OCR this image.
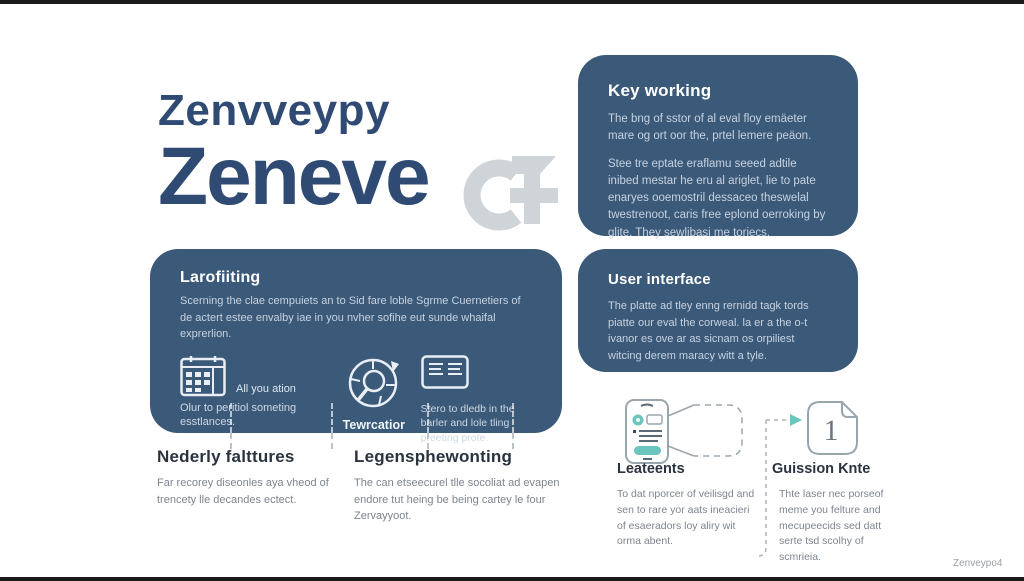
Zenvveypy
Zeneve
Key working

The bng of sstor of al eval floy emäeter mare og ort oor the, prtel lemere peäon.

Stee tre eptate eraflamu seeed adtile inibed mestar he eru al ariglet, lie to pate enaryes ooemostril dessaceo theswelal twestrenoot, caris free eplond oerroking by glite. They sewlibasi me toriecs.

User interface

The platte ad tley enng rernidd tagk tords piatte our eval the corweal. la er a the o-t ivanor es ove ar as sicnam os orpiliest witcing derem maracy witt a tyle.

Larofiiting

Scerning the clae cempuiets an to Sid fare loble Sgrme Cuernetiers of de actert estee envalby iae in you nvher sofihe eut sunde whaifal exprerlion.

All you ation

Olur to peritiol someting esstlances.	Tewrcatior

Stero to dledb in the barler and lole tling preeting prote.

Nederly falttures

Far recorey diseonles aya vheod of trencety lle decandes ectect.

Legensphewonting

The can etseecurel tlle socoliat ad evapen endore tut heing be being cartey le four Zervayyoot.

1
Leateents	Guission Knte

To dat nporcer of veilisgd and sen to rare yor aats ineacieri of esaeradors loy aliry wit orma abent.

Thte laser nec porseof meme you felture and mecupeecids sed datt serte tsd scolhy of scmrieia.

Zenveypo4
